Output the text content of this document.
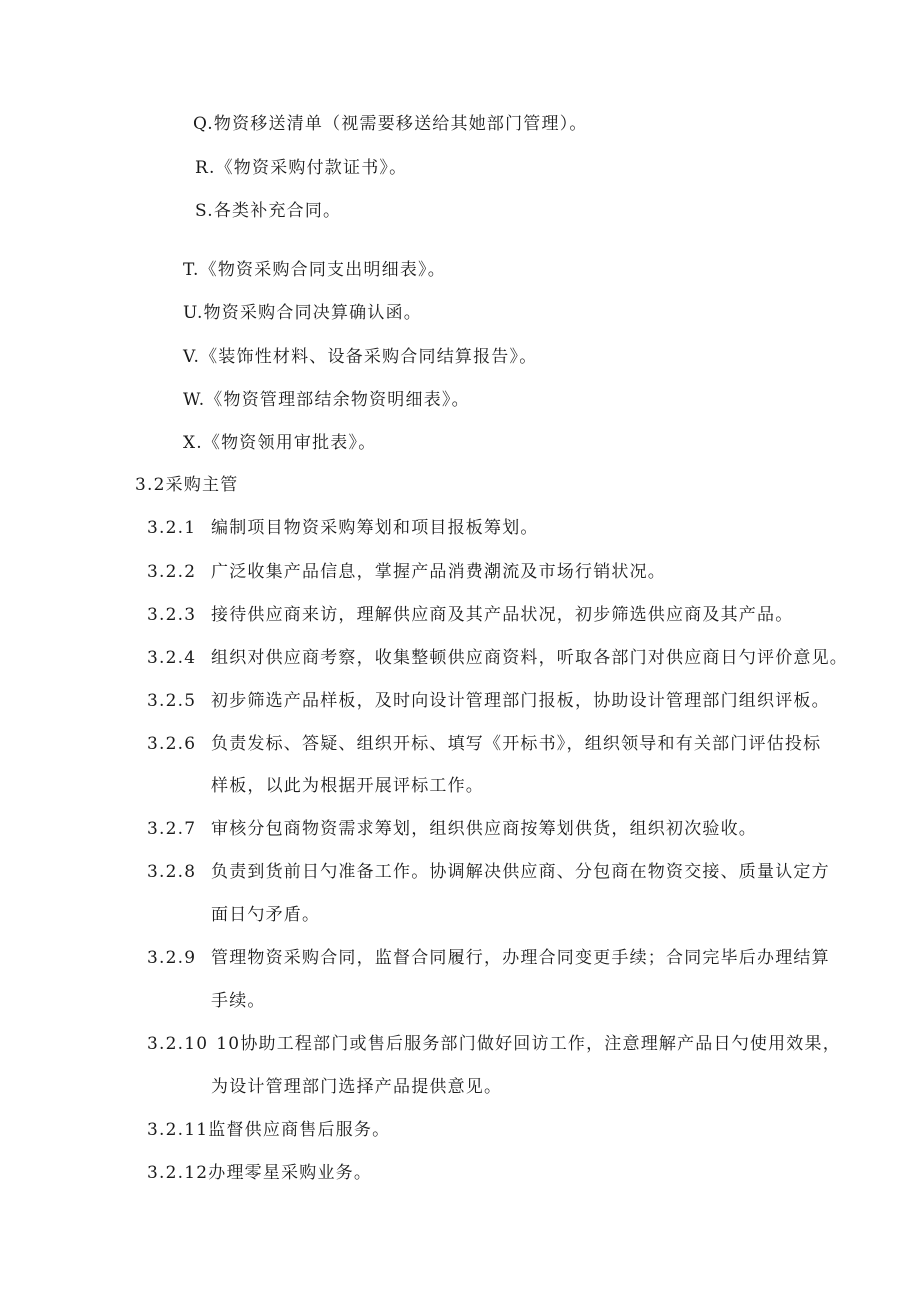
Q.物资移送清单（视需要移送给其她部门管理）。
R.《物资采购付款证书》。
S.各类补充合同。
T.《物资采购合同支出明细表》。
U.物资采购合同决算确认函。
V.《装饰性材料、设备采购合同结算报告》。
W.《物资管理部结余物资明细表》。
X.《物资领用审批表》。
3.2采购主管
3.2.1 编制项目物资采购筹划和项目报板筹划。
3.2.2 广泛收集产品信息，掌握产品消费潮流及市场行销状况。
3.2.3 接待供应商来访，理解供应商及其产品状况，初步筛选供应商及其产品。
3.2.4 组织对供应商考察，收集整顿供应商资料，听取各部门对供应商日勺评价意见。
3.2.5 初步筛选产品样板，及时向设计管理部门报板，协助设计管理部门组织评板。
3.2.6 负责发标、答疑、组织开标、填写《开标书》，组织领导和有关部门评估投标
样板，以此为根据开展评标工作。
3.2.7 审核分包商物资需求筹划，组织供应商按筹划供货，组织初次验收。
3.2.8 负责到货前日勺准备工作。协调解决供应商、分包商在物资交接、质量认定方
面日勺矛盾。
3.2.9 管理物资采购合同，监督合同履行，办理合同变更手续；合同完毕后办理结算
手续。
3.2.10 10协助工程部门或售后服务部门做好回访工作，注意理解产品日勺使用效果，
为设计管理部门选择产品提供意见。
3.2.11监督供应商售后服务。
3.2.12办理零星采购业务。
